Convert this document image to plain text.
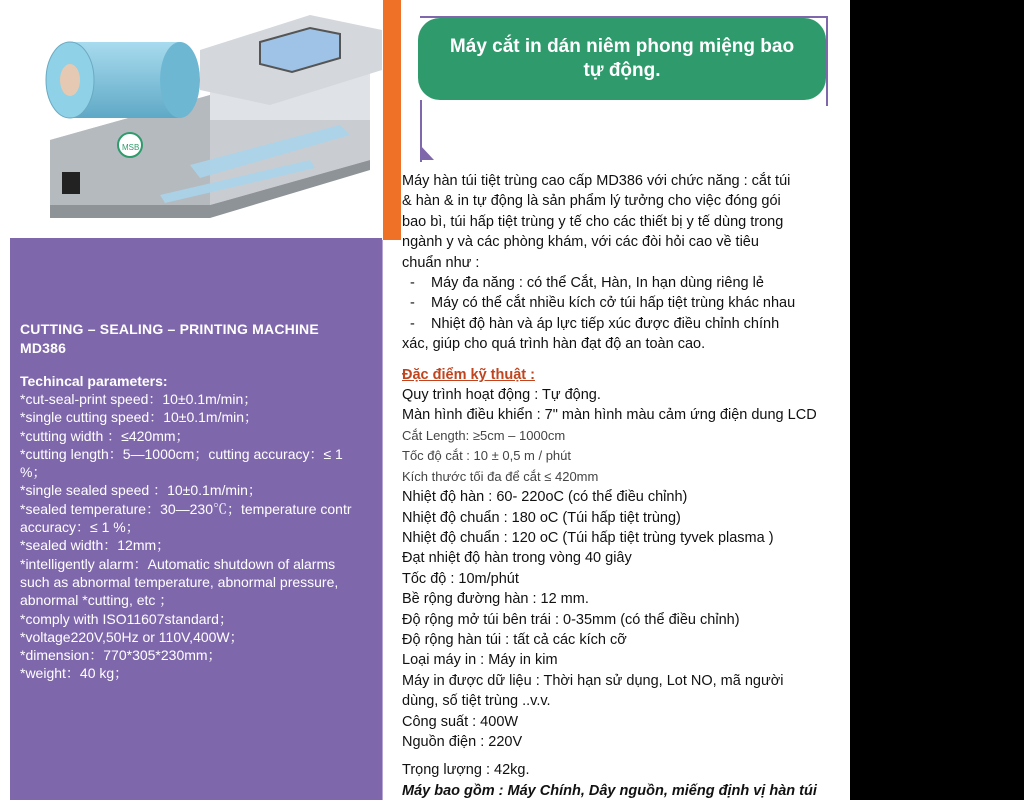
MSB
CUTTING – SEALING – PRINTING MACHINE
MD386
Techincal parameters:
*cut-seal-print speed：10±0.1m/min；
*single cutting speed：10±0.1m/min；
*cutting width ：≤420mm；
*cutting length：5—1000cm；cutting accuracy：≤ 1
%；
*single sealed speed ：10±0.1m/min；
*sealed temperature：30—230℃；temperature contr
accuracy：≤ 1 %；
*sealed width：12mm；
*intelligently alarm：Automatic shutdown of alarms
such as abnormal temperature, abnormal pressure,
abnormal *cutting, etc ；
*comply with ISO11607standard；
*voltage220V,50Hz or 110V,400W；
*dimension：770*305*230mm；
*weight：40 kg；
Máy cắt in dán niêm phong miệng bao tự động.
Máy hàn túi tiệt trùng cao cấp MD386 với chức năng : cắt túi
& hàn & in tự động là sản phẩm lý tưởng cho việc đóng gói
bao bì, túi hấp tiệt trùng y tế cho các thiết bị y tế dùng trong
ngành y và các phòng khám, với các đòi hỏi cao về tiêu
chuẩn như :
-    Máy đa năng : có thể Cắt, Hàn, In hạn dùng riêng lẻ
-    Máy có thể cắt nhiều kích cở túi hấp tiệt trùng khác nhau
-    Nhiệt độ hàn và áp lực tiếp xúc được điều chỉnh chính
xác, giúp cho quá trình hàn đạt độ an toàn cao.
Đặc điểm kỹ thuật :
Quy trình hoạt động : Tự động.
Màn hình điều khiển : 7" màn hình màu cảm ứng điện dung LCD
Cắt Length: ≥5cm – 1000cm
Tốc độ cắt : 10 ± 0,5 m / phút
Kích thước tối đa để cắt ≤ 420mm
Nhiệt độ hàn : 60- 220oC (có thể điều chỉnh)
Nhiệt độ chuẩn : 180 oC (Túi hấp tiệt trùng)
Nhiệt độ chuẩn : 120 oC (Túi hấp tiệt trùng tyvek plasma )
Đạt nhiệt độ hàn trong vòng 40 giây
Tốc độ : 10m/phút
Bề rộng đường hàn : 12 mm.
Độ rộng mở túi bên trái : 0-35mm (có thể điều chỉnh)
Độ rộng hàn túi : tất cả các kích cỡ
Loại máy in : Máy in kim
Máy in được dữ liệu : Thời hạn sử dụng, Lot NO, mã người
dùng, số tiệt trùng ..v.v.
Công suất : 400W
Nguồn điện : 220V
Trọng lượng : 42kg.
Máy bao gồm : Máy Chính, Dây nguồn, miếng định vị hàn túi
